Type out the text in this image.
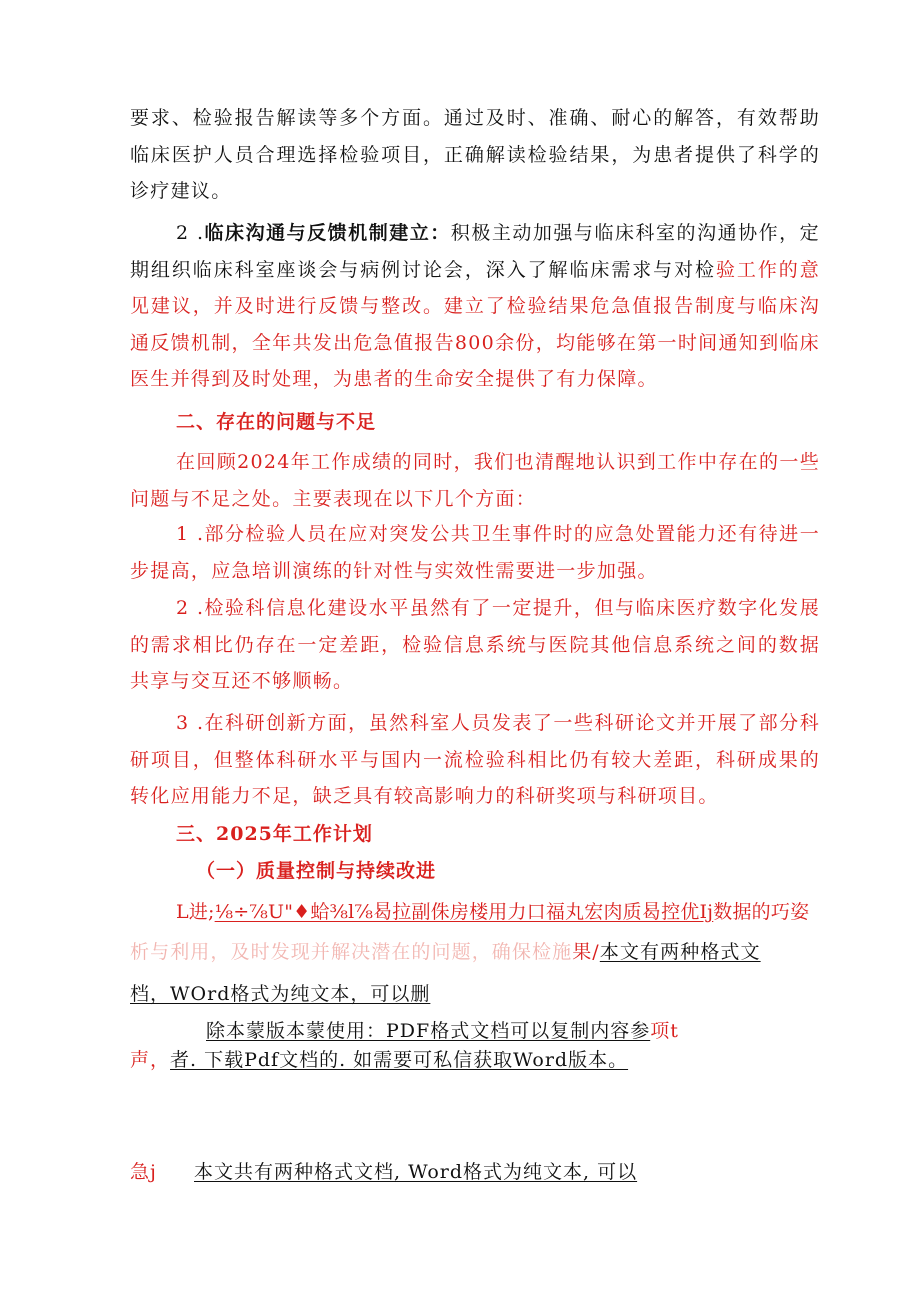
要求、检验报告解读等多个方面。通过及时、准确、耐心的解答，有效帮助临床医护人员合理选择检验项目，正确解读检验结果，为患者提供了科学的诊疗建议。

2 .临床沟通与反馈机制建立：积极主动加强与临床科室的沟通协作，定期组织临床科室座谈会与病例讨论会，深入了解临床需求与对检验工作的意见建议，并及时进行反馈与整改。建立了检验结果危急值报告制度与临床沟通反馈机制，全年共发出危急值报告800余份，均能够在第一时间通知到临床医生并得到及时处理，为患者的生命安全提供了有力保障。

二、存在的问题与不足

在回顾2024年工作成绩的同时，我们也清醒地认识到工作中存在的一些问题与不足之处。主要表现在以下几个方面：

1 .部分检验人员在应对突发公共卫生事件时的应急处置能力还有待进一步提高，应急培训演练的针对性与实效性需要进一步加强。

2 .检验科信息化建设水平虽然有了一定提升，但与临床医疗数字化发展的需求相比仍存在一定差距，检验信息系统与医院其他信息系统之间的数据共享与交互还不够顺畅。

3 .在科研创新方面，虽然科室人员发表了一些科研论文并开展了部分科研项目，但整体科研水平与国内一流检验科相比仍有较大差距，科研成果的转化应用能力不足，缺乏具有较高影响力的科研奖项与科研项目。

三、2025年工作计划
（一）质量控制与持续改进
L进;⅛÷⅞U"♦蛤⅜l⅞曷拉副侏房楼用力口福丸宏肉质曷控优Ij数据的巧姿
析与利用，及时发现并解决潜在的问题，确保检施果/本文有两种格式文
档，WOrd格式为纯文本，可以删
除本蒙版本蒙使用：PDF格式文档可以复制内容参项t
声，者. 下载Pdf文档的. 如需要可私信获取Word版本。
急j 本文共有两种格式文档, Word格式为纯文本, 可以
